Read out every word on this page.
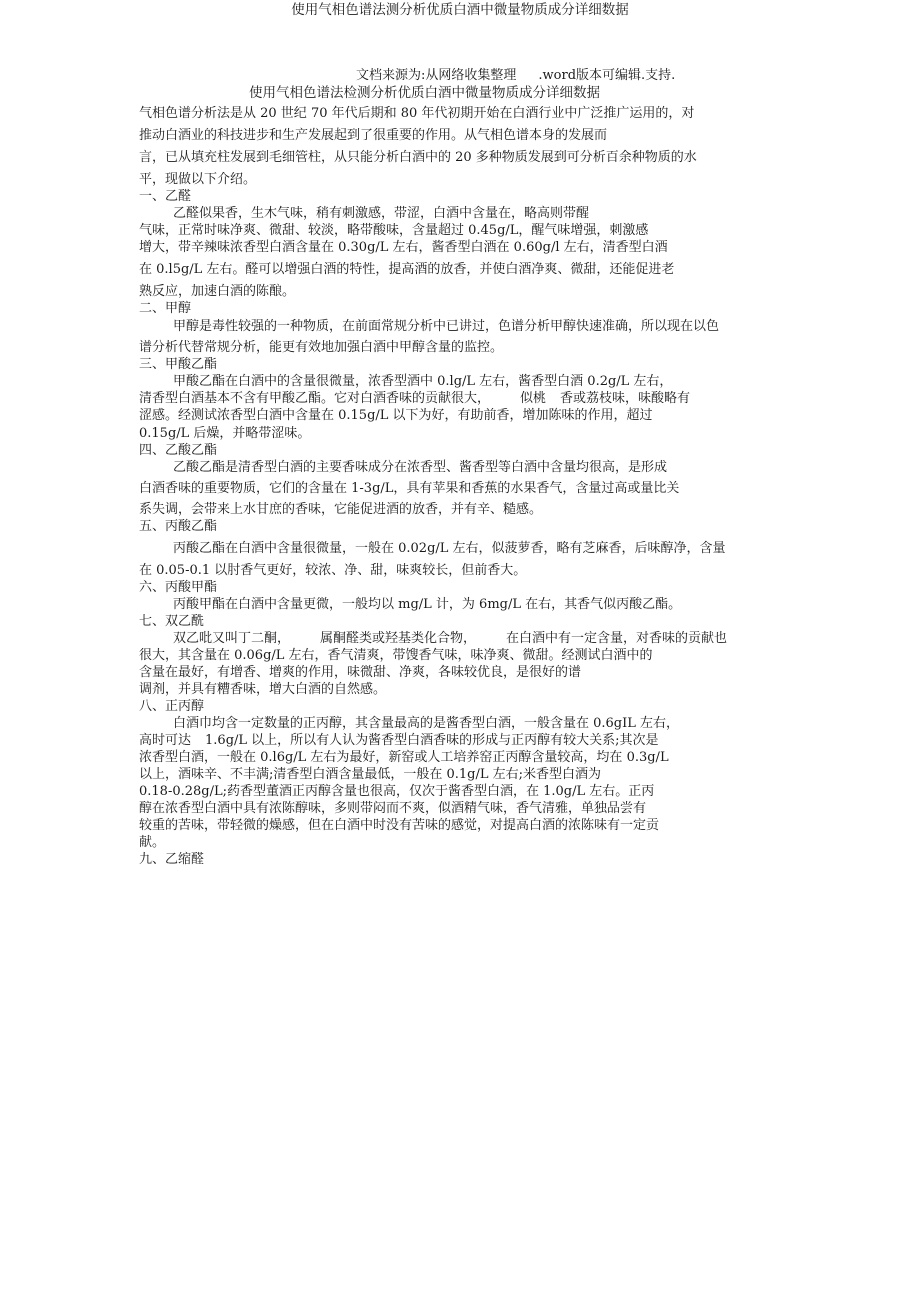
使用气相色谱法测分析优质白酒中微量物质成分详细数据
文档来源为:从网络收集整理 .word版本可编辑.支持.
使用气相色谱法检测分析优质白酒中微量物质成分详细数据
气相色谱分析法是从 20 世纪 70 年代后期和 80 年代初期开始在白酒行业中广泛推广运用的，对
推动白酒业的科技进步和生产发展起到了很重要的作用。从气相色谱本身的发展而
言，已从填充柱发展到毛细管柱，从只能分析白酒中的 20 多种物质发展到可分析百余种物质的水
平，现做以下介绍。
一、乙醛
乙醛似果香，生木气味，稍有刺激感，带涩，白酒中含量在，略高则带醒
气味，正常时味净爽、微甜、较淡，略带酸味，含量超过 0.45g/L，醒气味增强，刺激感
增大，带辛辣味浓香型白酒含量在 0.30g/L 左右，酱香型白酒在 0.60g/l 左右，清香型白酒
在 0.l5g/L 左右。醛可以增强白酒的特性，提高酒的放香，并使白酒净爽、微甜，还能促进老
熟反应，加速白酒的陈酿。
二、甲醇
甲醇是毒性较强的一种物质，在前面常规分析中已讲过，色谱分析甲醇快速准确，所以现在以色
谱分析代替常规分析，能更有效地加强白酒中甲醇含量的监控。
三、甲酸乙酯
甲酸乙酯在白酒中的含量很微量，浓香型酒中 0.lg/L 左右，酱香型白酒 0.2g/L 左右，
清香型白酒基本不含有甲酸乙酯。它对白酒香味的贡献很大， 似桃 香或荔枝味，味酸略有
涩感。经测试浓香型白酒中含量在 0.15g/L 以下为好，有助前香，增加陈味的作用，超过
0.15g/L 后燥，并略带涩味。
四、乙酸乙酯
乙酸乙酯是清香型白酒的主要香味成分在浓香型、酱香型等白酒中含量均很高，是形成
白酒香味的重要物质，它们的含量在 1-3g/L，具有苹果和香蕉的水果香气，含量过高或量比关
系失调，会带来上水甘庶的香味，它能促进酒的放香，并有辛、糙感。
五、丙酸乙酯
丙酸乙酯在白酒中含量很微量，一般在 0.02g/L 左右，似菠萝香，略有芝麻香，后味醇净，含量
在 0.05-0.1 以肘香气更好，较浓、净、甜，味爽较长，但前香大。
六、丙酸甲酯
丙酸甲酯在白酒中含量更微，一般均以 mg/L 计，为 6mg/L 在右，其香气似丙酸乙酯。
七、双乙酰
双乙吡又叫丁二酮， 属酮醛类或羟基类化合物， 在白酒中有一定含量，对香味的贡献也
很大，其含量在 0.06g/L 左右，香气清爽，带馊香气味，味净爽、微甜。经测试白酒中的
含量在最好，有增香、增爽的作用，味微甜、净爽，各味较优良，是很好的谱
调剂，并具有糟香味，增大白酒的自然感。
八、正丙醇
白酒巾均含一定数量的正丙醇，其含量最高的是酱香型白酒，一般含量在 0.6gIL 左右，
高时可达 1.6g/L 以上，所以有人认为酱香型白酒香味的形成与正丙醇有较大关系;其次是
浓香型白酒，一般在 0.l6g/L 左右为最好，新窑或人工培养窑正丙醇含量较高，均在 0.3g/L
以上，酒味辛、不丰满;清香型白酒含量最低，一般在 0.1g/L 左右;米香型白酒为
0.18-0.28g/L;药香型董酒正丙醇含量也很高，仅次于酱香型白酒，在 1.0g/L 左右。正丙
醇在浓香型白酒中具有浓陈醇味，多则带闷而不爽，似酒精气味，香气清雅，单独品尝有
较重的苦味，带轻微的燥感，但在白酒中时没有苦味的感觉，对提高白酒的浓陈味有一定贡
献。
九、乙缩醛
